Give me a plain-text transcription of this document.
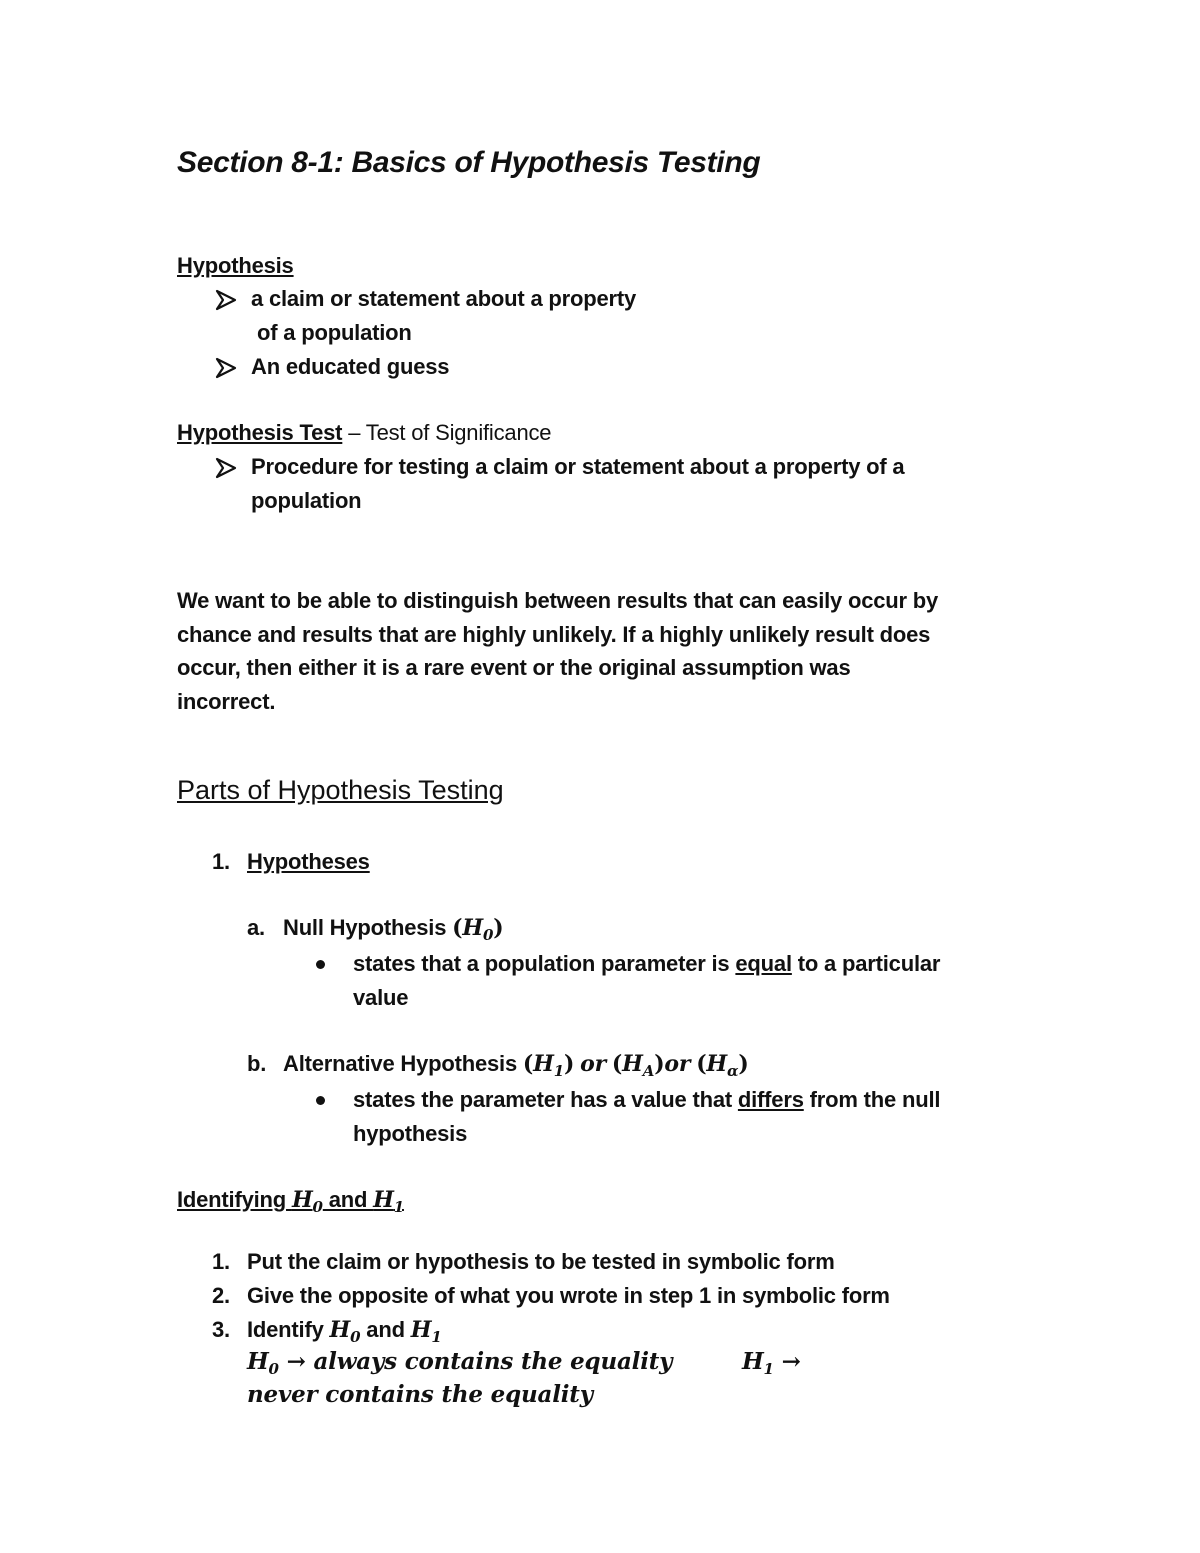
Section 8-1: Basics of Hypothesis Testing
Hypothesis
a claim or statement about a property
of a population
An educated guess
Hypothesis Test – Test of Significance
Procedure for testing a claim or statement about a property of a
population
We want to be able to distinguish between results that can easily occur by
chance and results that are highly unlikely. If a highly unlikely result does
occur, then either it is a rare event or the original assumption was
incorrect.
Parts of Hypothesis Testing
1. Hypotheses
a. Null Hypothesis $(H_0)$
states that a population parameter is equal to a particular
value
b. Alternative Hypothesis $(H_1)$ or $(H_A)or$ $(H_\alpha)$
states the parameter has a value that differs from the null
hypothesis
Identifying $H_0$ and $H_1$
1. Put the claim or hypothesis to be tested in symbolic form
2. Give the opposite of what you wrote in step 1 in symbolic form
3. Identify $H_0$ and $H_1$
$H_0$ → always contains the equality	$H_1$ →
never contains the equality
